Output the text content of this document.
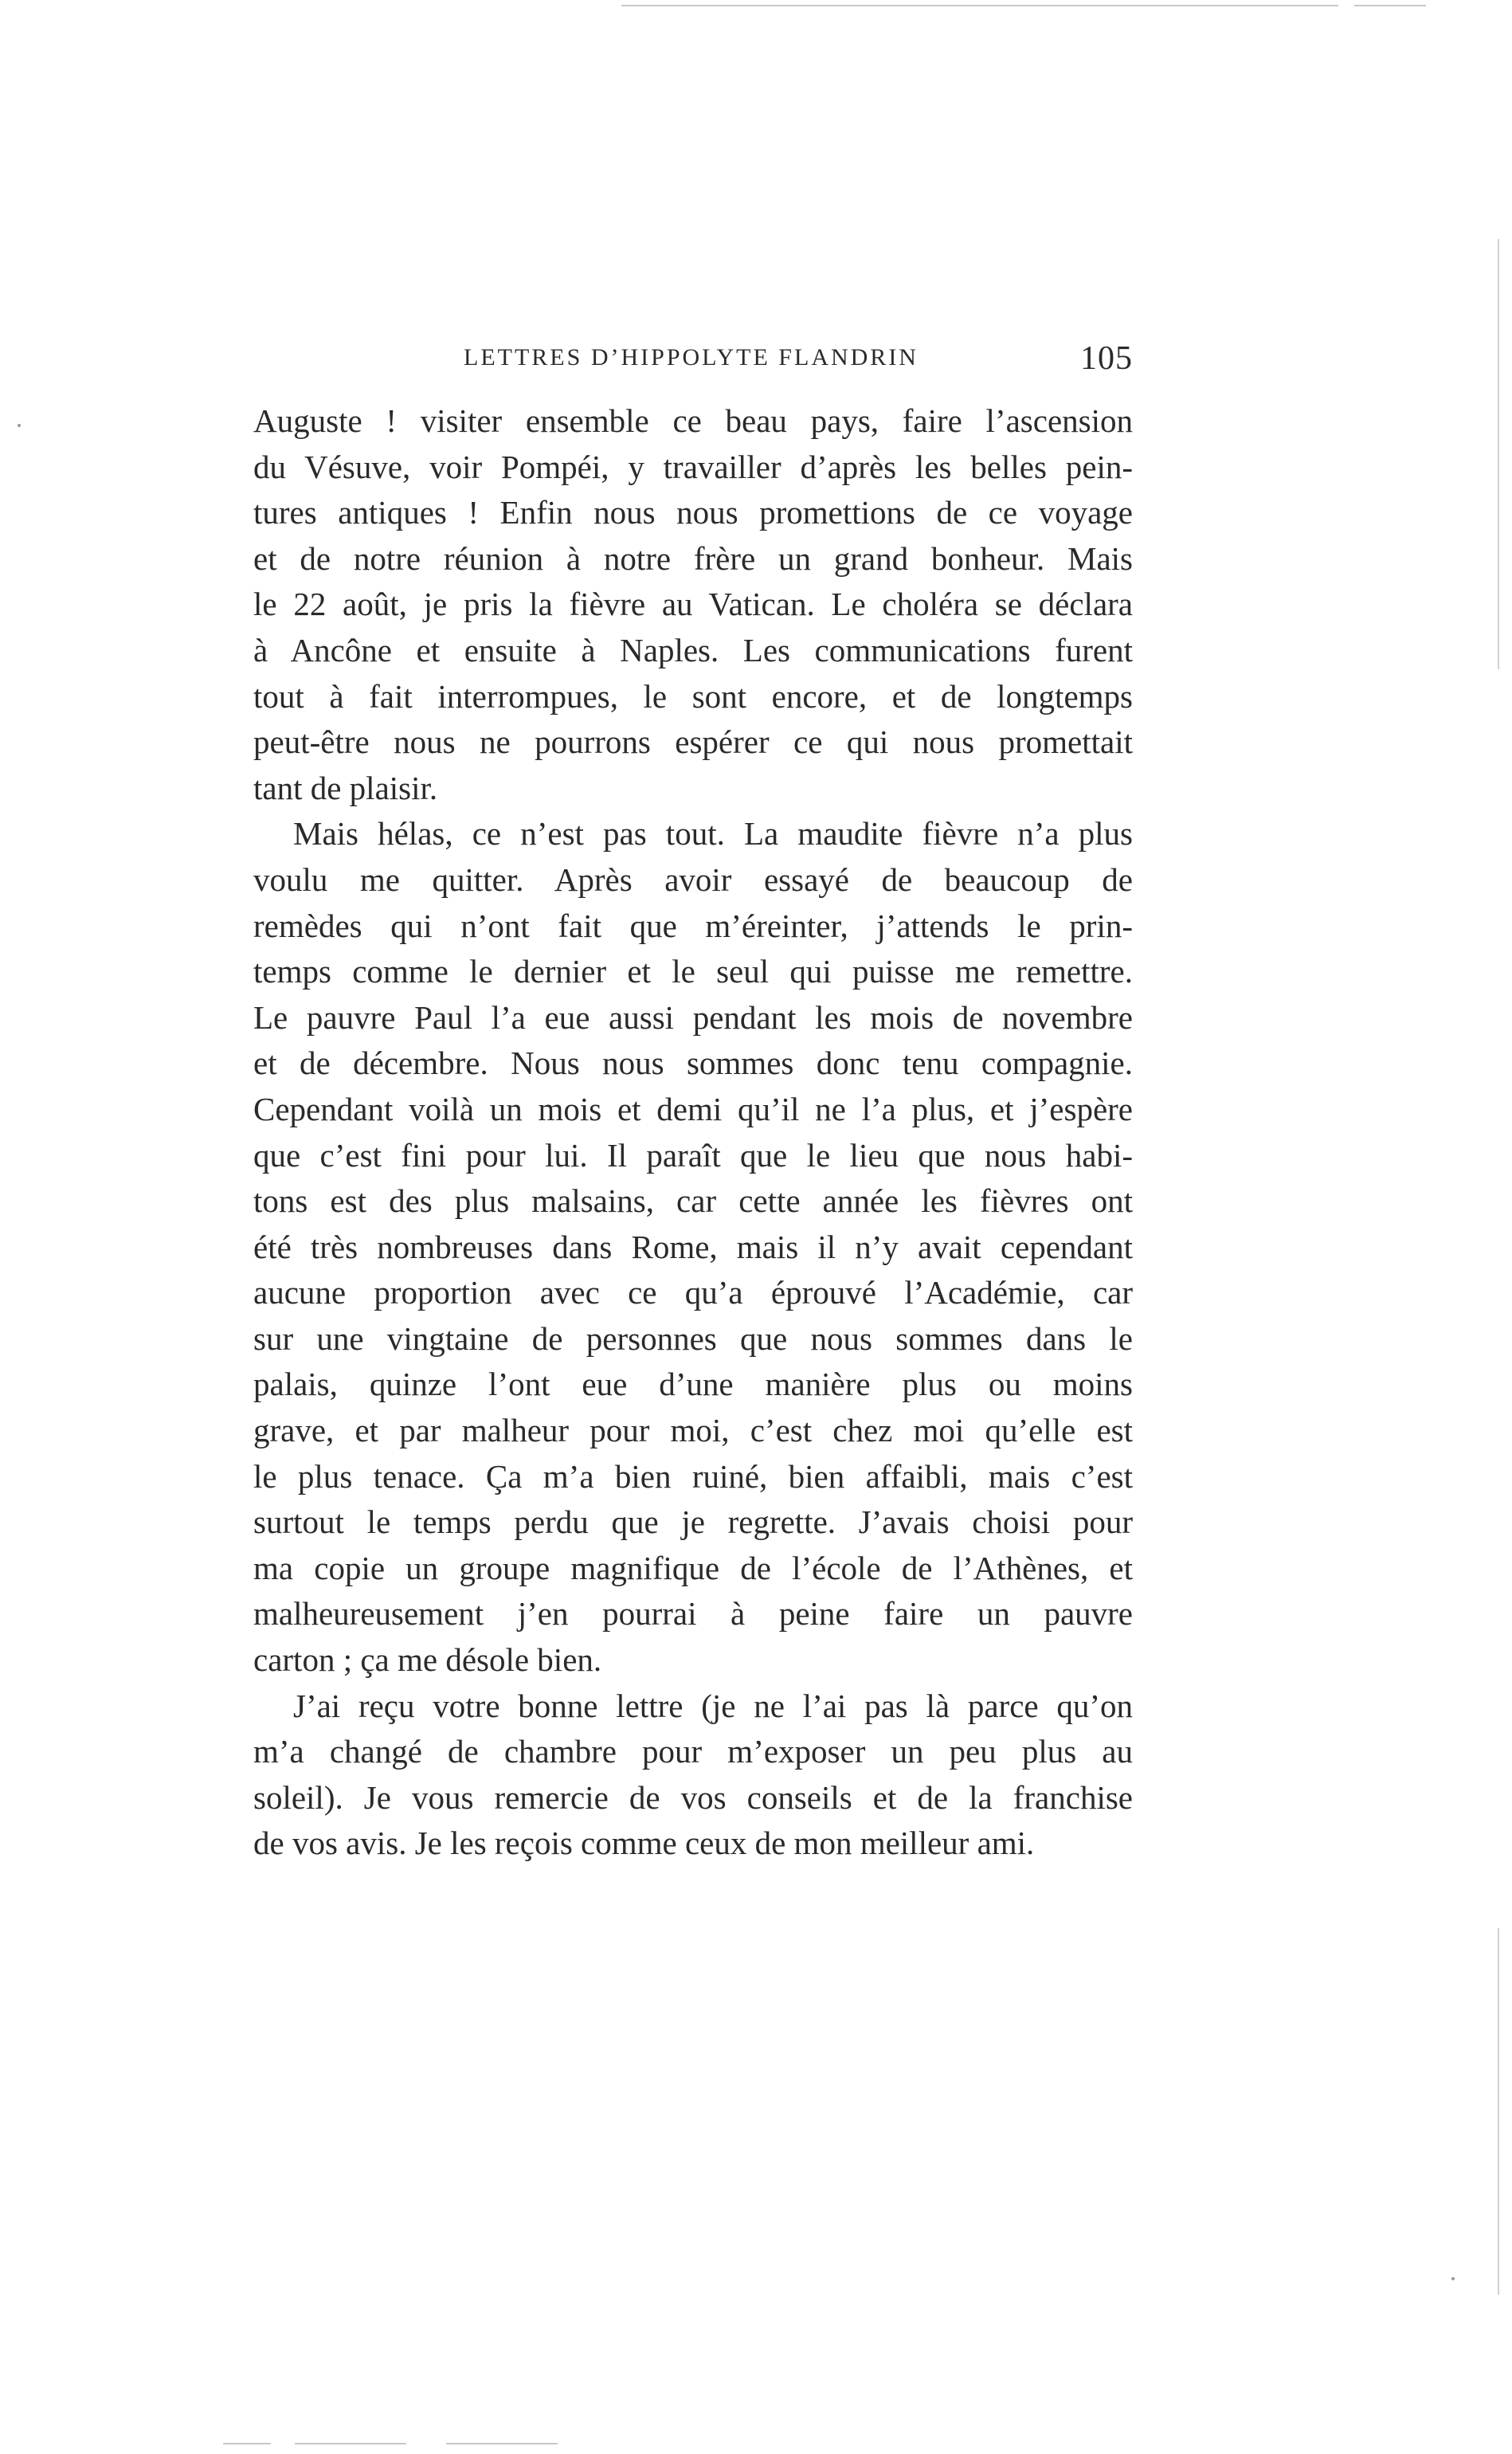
LETTRES D’HIPPOLYTE FLANDRIN	105

Auguste ! visiter ensemble ce beau pays, faire l’ascension
du Vésuve, voir Pompéi, y travailler d’après les belles pein-
tures antiques ! Enfin nous nous promettions de ce voyage
et de notre réunion à notre frère un grand bonheur. Mais
le 22 août, je pris la fièvre au Vatican. Le choléra se déclara
à Ancône et ensuite à Naples. Les communications furent
tout à fait interrompues, le sont encore, et de longtemps
peut-être nous ne pourrons espérer ce qui nous promettait
tant de plaisir.

Mais hélas, ce n’est pas tout. La maudite fièvre n’a plus
voulu me quitter. Après avoir essayé de beaucoup de
remèdes qui n’ont fait que m’éreinter, j’attends le prin-
temps comme le dernier et le seul qui puisse me remettre.
Le pauvre Paul l’a eue aussi pendant les mois de novembre
et de décembre. Nous nous sommes donc tenu compagnie.
Cependant voilà un mois et demi qu’il ne l’a plus, et j’espère
que c’est fini pour lui. Il paraît que le lieu que nous habi-
tons est des plus malsains, car cette année les fièvres ont
été très nombreuses dans Rome, mais il n’y avait cependant
aucune proportion avec ce qu’a éprouvé l’Académie, car
sur une vingtaine de personnes que nous sommes dans le
palais, quinze l’ont eue d’une manière plus ou moins
grave, et par malheur pour moi, c’est chez moi qu’elle est
le plus tenace. Ça m’a bien ruiné, bien affaibli, mais c’est
surtout le temps perdu que je regrette. J’avais choisi pour
ma copie un groupe magnifique de l’école de l’Athènes, et
malheureusement j’en pourrai à peine faire un pauvre
carton ; ça me désole bien.

J’ai reçu votre bonne lettre (je ne l’ai pas là parce qu’on
m’a changé de chambre pour m’exposer un peu plus au
soleil). Je vous remercie de vos conseils et de la franchise
de vos avis. Je les reçois comme ceux de mon meilleur ami.
